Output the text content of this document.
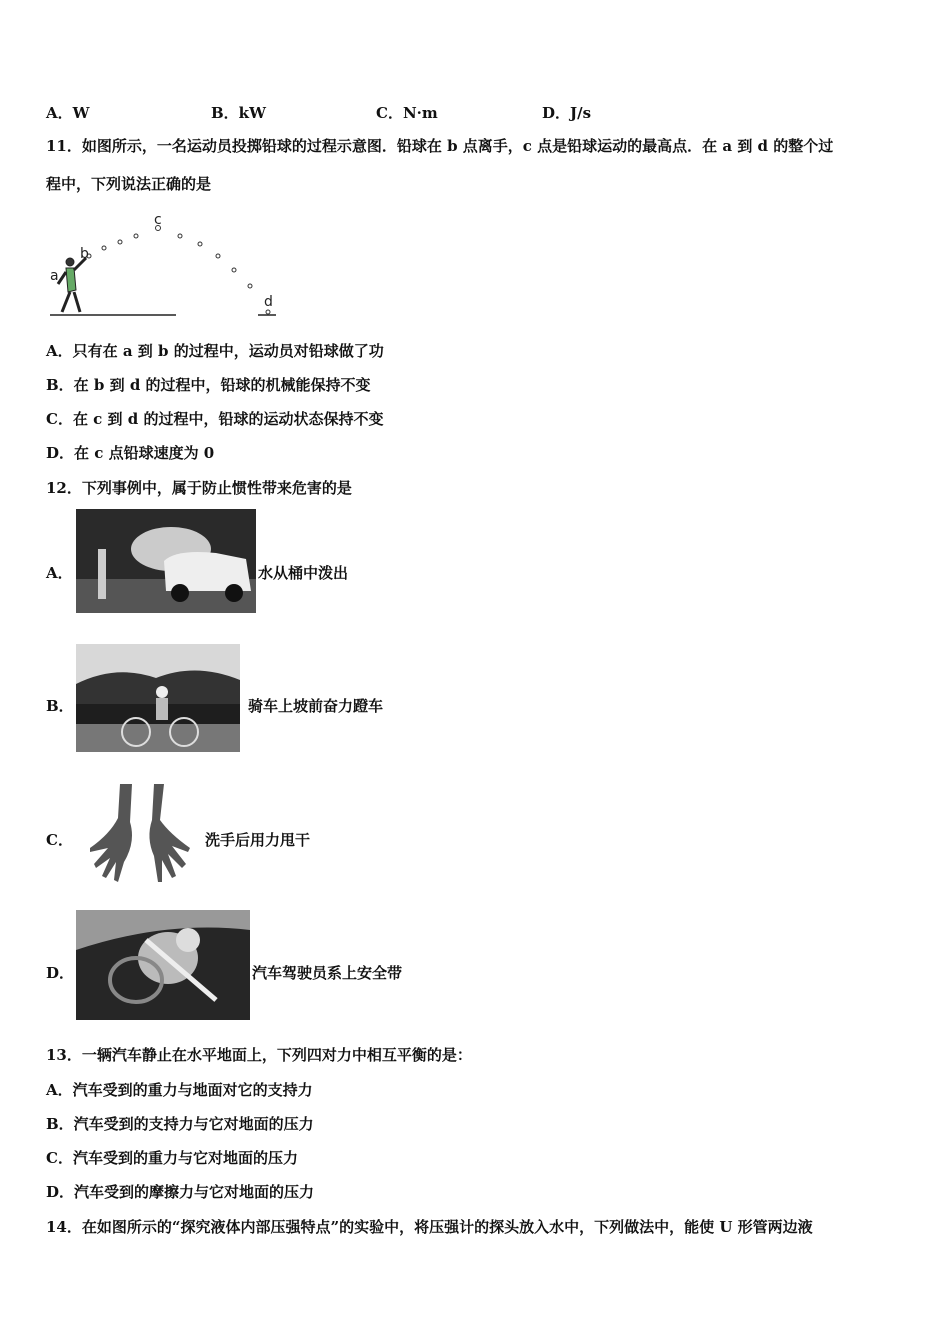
A．W	B．kW	C．N·m	D．J/s
11．如图所示，一名运动员投掷铅球的过程示意图．铅球在 b 点离手，c 点是铅球运动的最高点．在 a 到 d 的整个过
程中，下列说法正确的是
a
b
c
d
A．只有在 a 到 b 的过程中，运动员对铅球做了功
B．在 b 到 d 的过程中，铅球的机械能保持不变
C．在 c 到 d 的过程中，铅球的运动状态保持不变
D．在 c 点铅球速度为 0
12．下列事例中，属于防止惯性带来危害的是
A．	水从桶中泼出
B．	骑车上坡前奋力蹬车
C．	洗手后用力甩干
D．	汽车驾驶员系上安全带
13．一辆汽车静止在水平地面上，下列四对力中相互平衡的是：
A．汽车受到的重力与地面对它的支持力
B．汽车受到的支持力与它对地面的压力
C．汽车受到的重力与它对地面的压力
D．汽车受到的摩擦力与它对地面的压力
14．在如图所示的“探究液体内部压强特点”的实验中，将压强计的探头放入水中，下列做法中，能使 U 形管两边液
